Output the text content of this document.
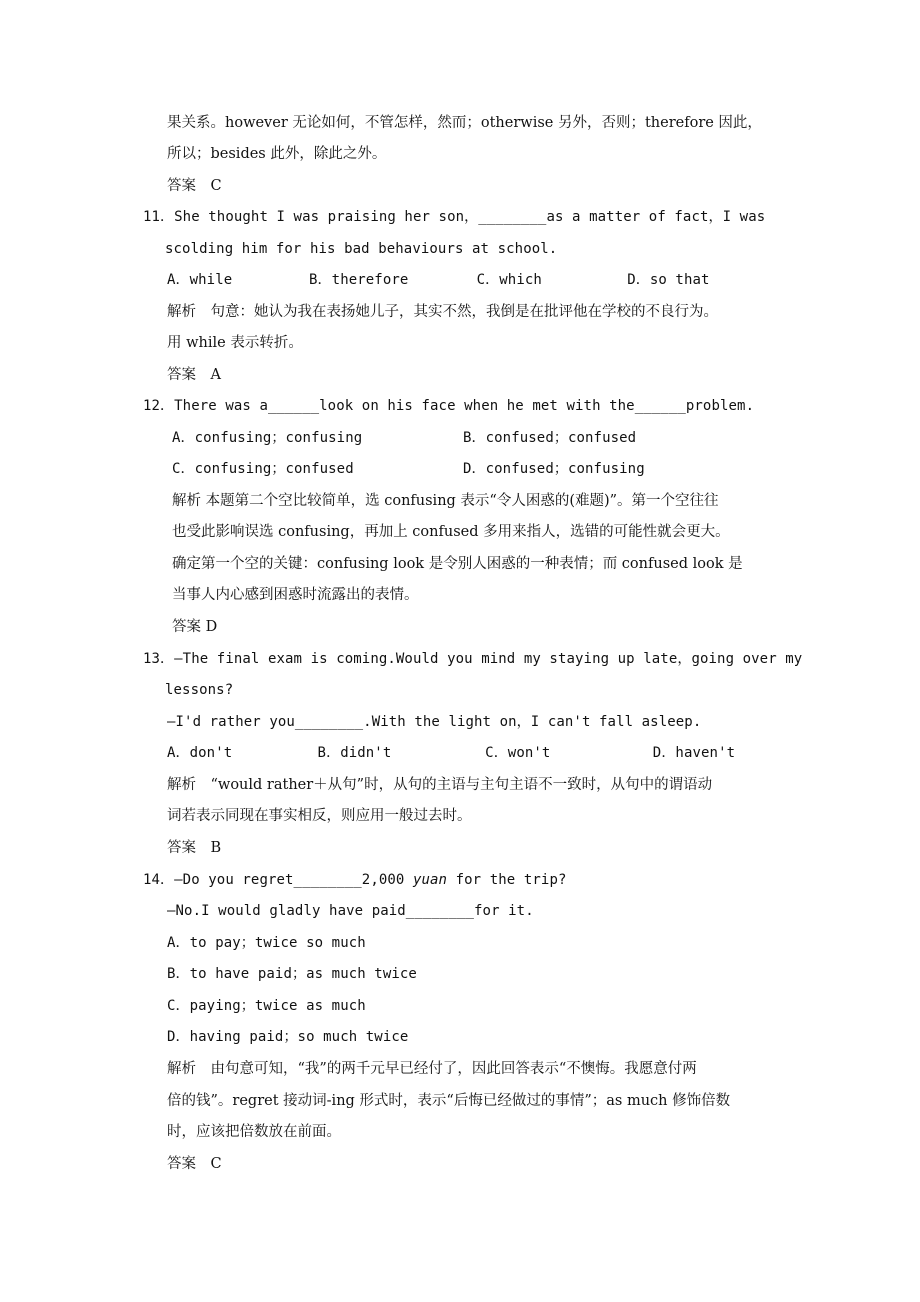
果关系。however 无论如何，不管怎样，然而；otherwise 另外，否则；therefore 因此，
所以；besides 此外，除此之外。
答案　C
11．She thought I was praising her son，________as a matter of fact，I was
scolding him for his bad behaviours at school.
A．while         B．therefore        C．which          D．so that
解析　句意：她认为我在表扬她儿子，其实不然，我倒是在批评他在学校的不良行为。
用 while 表示转折。
答案　A
12．There was a______look on his face when he met with the______problem.
A．confusing；confusing	B．confused；confused
C．confusing；confused	D．confused；confusing
解析 本题第二个空比较简单，选 confusing 表示“令人困惑的(难题)”。第一个空往往
也受此影响误选 confusing，再加上 confused 多用来指人，选错的可能性就会更大。
确定第一个空的关键：confusing look 是令别人困惑的一种表情；而 confused look 是
当事人内心感到困惑时流露出的表情。
答案 D
13．—The final exam is coming.Would you mind my staying up late，going over my
lessons?
—I'd rather you________.With the light on，I can't fall asleep.
A．don't          B．didn't           C．won't            D．haven't
解析　“would rather＋从句”时，从句的主语与主句主语不一致时，从句中的谓语动
词若表示同现在事实相反，则应用一般过去时。
答案　B
14．—Do you regret________2,000 yuan for the trip?
—No.I would gladly have paid________for it.
A．to pay；twice so much
B．to have paid；as much twice
C．paying；twice as much
D．having paid；so much twice
解析　由句意可知，“我”的两千元早已经付了，因此回答表示“不懊悔。我愿意付两
倍的钱”。regret 接动词-ing 形式时，表示“后悔已经做过的事情”；as much 修饰倍数
时，应该把倍数放在前面。
答案　C
